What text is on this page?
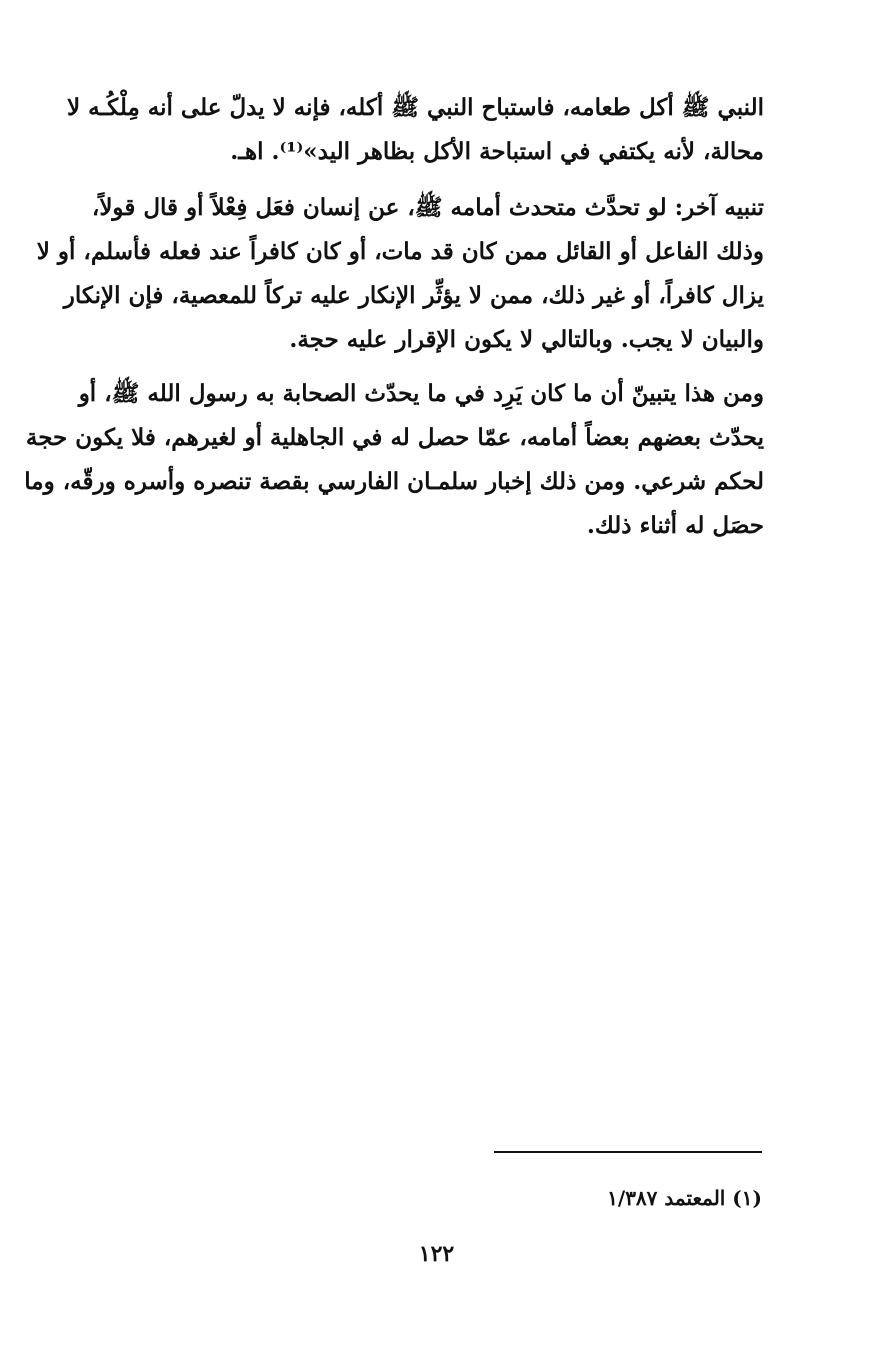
النبي ﷺ أكل طعامه، فاستباح النبي ﷺ أكله، فإنه لا يدلّ على أنه مِلْكُـه لا
محالة، لأنه يكتفي في استباحة الأكل بظاهر اليد»⁽¹⁾. اهـ.
تنبيه آخر: لو تحدَّث متحدث أمامه ﷺ، عن إنسان فعَل فِعْلاً أو قال قولاً،
وذلك الفاعل أو القائل ممن كان قد مات، أو كان كافراً عند فعله فأسلم، أو لا
يزال كافراً، أو غير ذلك، ممن لا يؤثِّر الإنكار عليه تركاً للمعصية، فإن الإنكار
والبيان لا يجب. وبالتالي لا يكون الإقرار عليه حجة.
ومن هذا يتبينّ أن ما كان يَرِد في ما يحدّث الصحابة به رسول الله ﷺ، أو
يحدّث بعضهم بعضاً أمامه، عمّا حصل له في الجاهلية أو لغيرهم، فلا يكون حجة
لحكم شرعي. ومن ذلك إخبار سلمـان الفارسي بقصة تنصره وأسره ورقّه، وما
حصَل له أثناء ذلك.
(١) المعتمد ١/٣٨٧
١٢٢
